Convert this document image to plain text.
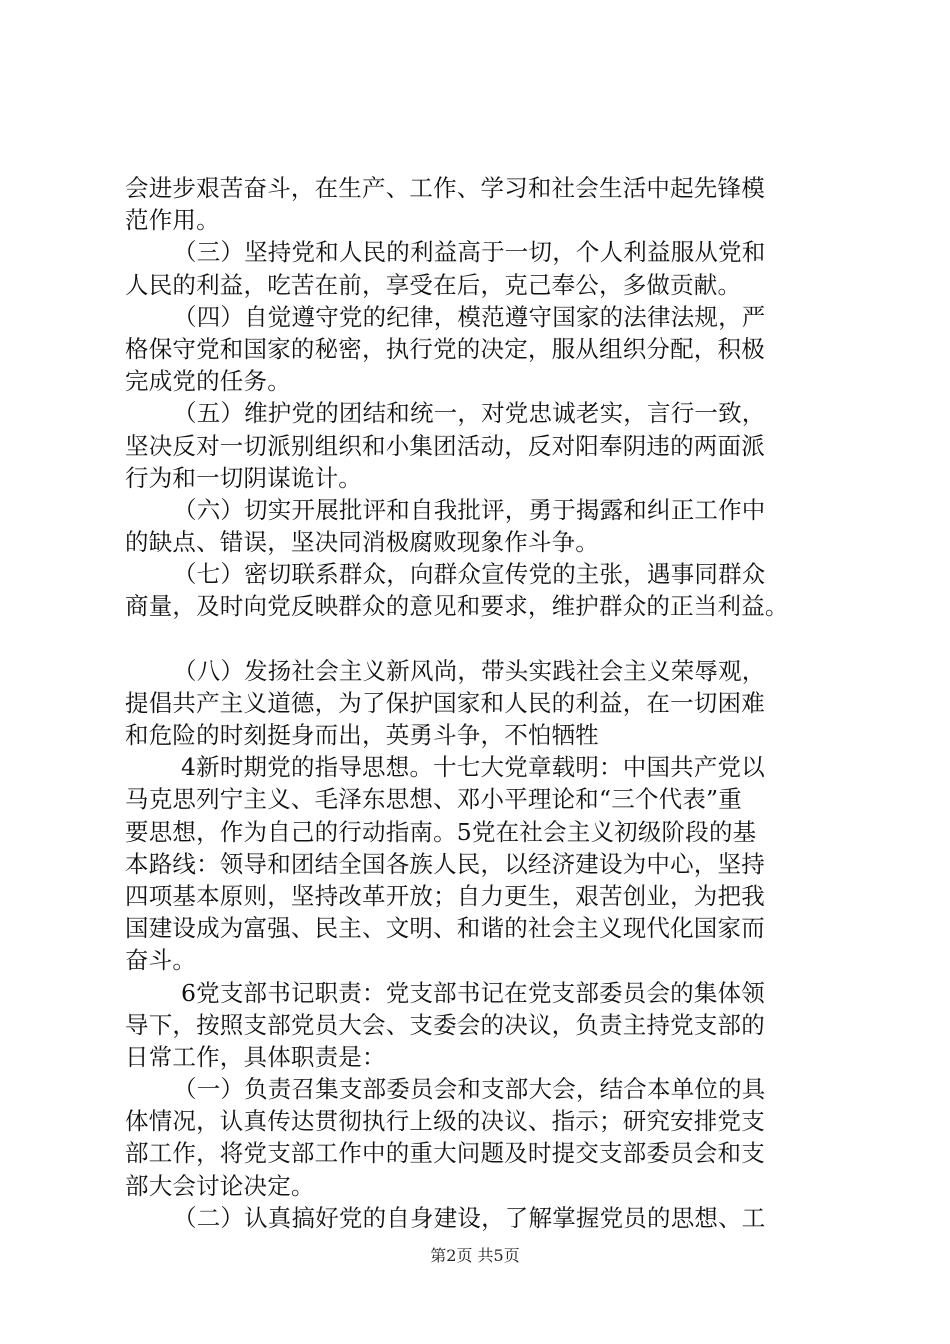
会进步艰苦奋斗，在生产、工作、学习和社会生活中起先锋模
范作用。
（三）坚持党和人民的利益高于一切，个人利益服从党和
人民的利益，吃苦在前，享受在后，克己奉公，多做贡献。
（四）自觉遵守党的纪律，模范遵守国家的法律法规，严
格保守党和国家的秘密，执行党的决定，服从组织分配，积极
完成党的任务。
（五）维护党的团结和统一，对党忠诚老实，言行一致，
坚决反对一切派别组织和小集团活动，反对阳奉阴违的两面派
行为和一切阴谋诡计。
（六）切实开展批评和自我批评，勇于揭露和纠正工作中
的缺点、错误，坚决同消极腐败现象作斗争。
（七）密切联系群众，向群众宣传党的主张，遇事同群众
商量，及时向党反映群众的意见和要求，维护群众的正当利益。
（八）发扬社会主义新风尚，带头实践社会主义荣辱观，
提倡共产主义道德，为了保护国家和人民的利益，在一切困难
和危险的时刻挺身而出，英勇斗争，不怕牺牲
4新时期党的指导思想。十七大党章载明：中国共产党以
马克思列宁主义、毛泽东思想、邓小平理论和“三个代表”重
要思想，作为自己的行动指南。5党在社会主义初级阶段的基
本路线：领导和团结全国各族人民，以经济建设为中心，坚持
四项基本原则，坚持改革开放；自力更生，艰苦创业，为把我
国建设成为富强、民主、文明、和谐的社会主义现代化国家而
奋斗。
6党支部书记职责：党支部书记在党支部委员会的集体领
导下，按照支部党员大会、支委会的决议，负责主持党支部的
日常工作，具体职责是：
（一）负责召集支部委员会和支部大会，结合本单位的具
体情况，认真传达贯彻执行上级的决议、指示；研究安排党支
部工作，将党支部工作中的重大问题及时提交支部委员会和支
部大会讨论决定。
（二）认真搞好党的自身建设，了解掌握党员的思想、工
第2页 共5页
